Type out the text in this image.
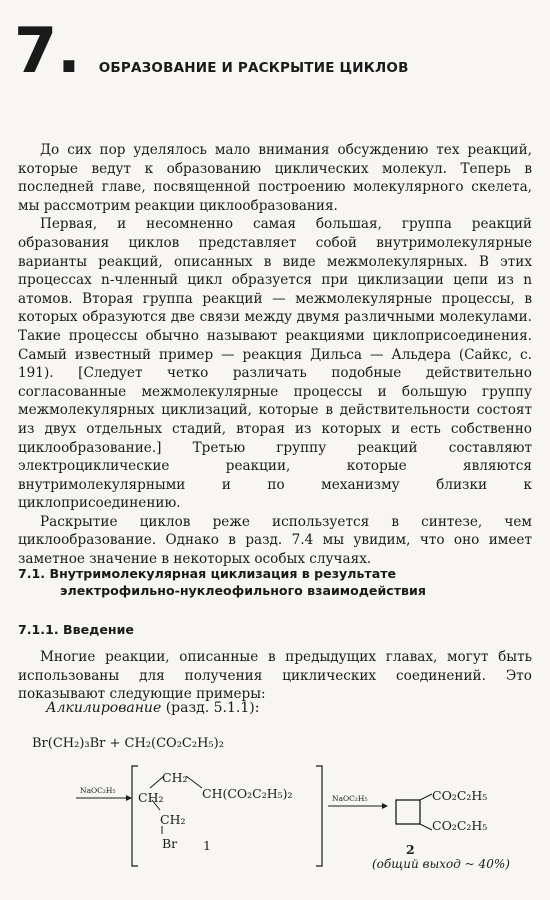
7. ОБРАЗОВАНИЕ И РАСКРЫТИЕ ЦИКЛОВ

До сих пор уделялось мало внимания обсуждению тех реакций, которые ведут к образованию циклических молекул. Теперь в последней главе, посвященной построению молекулярного скелета, мы рассмотрим реакции циклообразования.

Первая, и несомненно самая большая, группа реакций образования циклов представляет собой внутримолекулярные варианты реакций, описанных в виде межмолекулярных. В этих процессах n-членный цикл образуется при циклизации цепи из n атомов. Вторая группа реакций — межмолекулярные процессы, в которых образуются две связи между двумя различными молекулами. Такие процессы обычно называют реакциями циклоприсоединения. Самый известный пример — реакция Дильса — Альдера (Сайкс, с. 191). [Следует четко различать подобные действительно согласованные межмолекулярные процессы и большую группу межмолекулярных циклизаций, которые в действительности состоят из двух отдельных стадий, вторая из которых и есть собственно циклообразование.] Третью группу реакций составляют электроциклические реакции, которые являются внутримолекулярными и по механизму близки к циклоприсоединению.

Раскрытие циклов реже используется в синтезе, чем циклообразование. Однако в разд. 7.4 мы увидим, что оно имеет заметное значение в некоторых особых случаях.

7.1. Внутримолекулярная циклизация в результате
электрофильно-нуклеофильного взаимодействия
7.1.1. Введение

Многие реакции, описанные в предыдущих главах, могут быть использованы для получения циклических соединений. Это показывают следующие примеры:

Алкилирование (разд. 5.1.1):
Br(CH₂)₃Br + CH₂(CO₂C₂H₅)₂
NaOC₂H₅
CH₂
CH₂	CH(CO₂C₂H₅)₂
CH₂
Br 1
NaOC₂H₅	CO₂C₂H₅
CO₂C₂H₅
2
(общий выход ~ 40%)
